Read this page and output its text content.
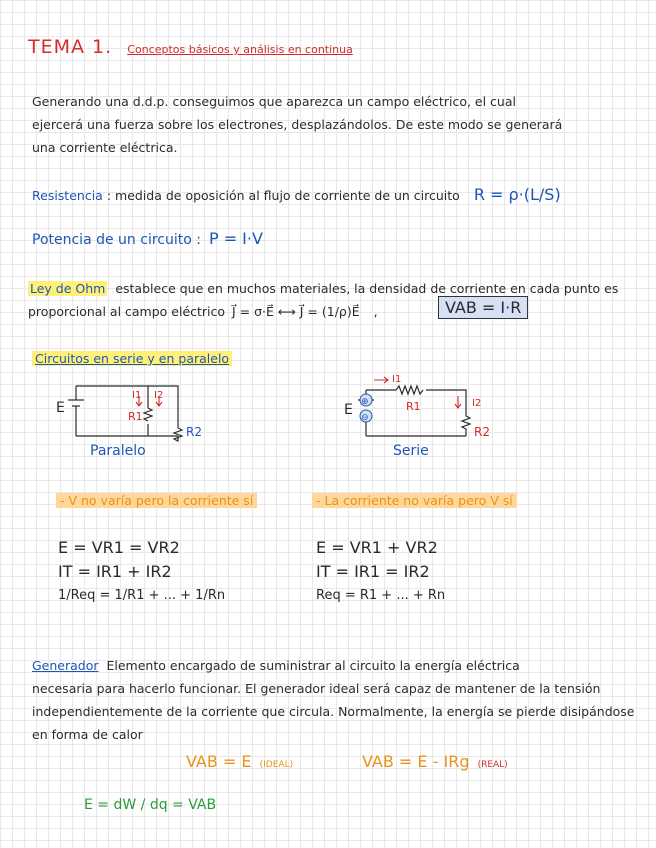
TEMA 1. Conceptos básicos y análisis en continua
Generando una d.d.p. conseguimos que aparezca un campo eléctrico, el cual
ejercerá una fuerza sobre los electrones, desplazándolos. De este modo se generará
una corriente eléctrica.
Resistencia : medida de oposición al flujo de corriente de un circuito R = ρ·(L/S)
Potencia de un circuito : P = I·V
Ley de Ohm establece que en muchos materiales, la densidad de corriente en cada punto es
proporcional al campo eléctrico J⃗ = σ·E⃗ ⟷ J⃗ = (1/ρ)E⃗ ,	VAB = I·R
Circuitos en serie y en paralelo
E
I1 I2
R1
R2
Paralelo
⊕
⊖
E
I1
I2
R1
R2
Serie
- V no varía pero la corriente sí	- La corriente no varía pero V sí
E = VR1 = VR2
IT = IR1 + IR2
1/Req = 1/R1 + ... + 1/Rn
E = VR1 + VR2
IT = IR1 = IR2
Req = R1 + ... + Rn
Generador Elemento encargado de suministrar al circuito la energía eléctrica
necesaria para hacerlo funcionar. El generador ideal será capaz de mantener de la tensión
independientemente de la corriente que circula. Normalmente, la energía se pierde disipándose
en forma de calor
VAB = E (IDEAL)	VAB = E - IRg (REAL)
E = dW / dq = VAB
